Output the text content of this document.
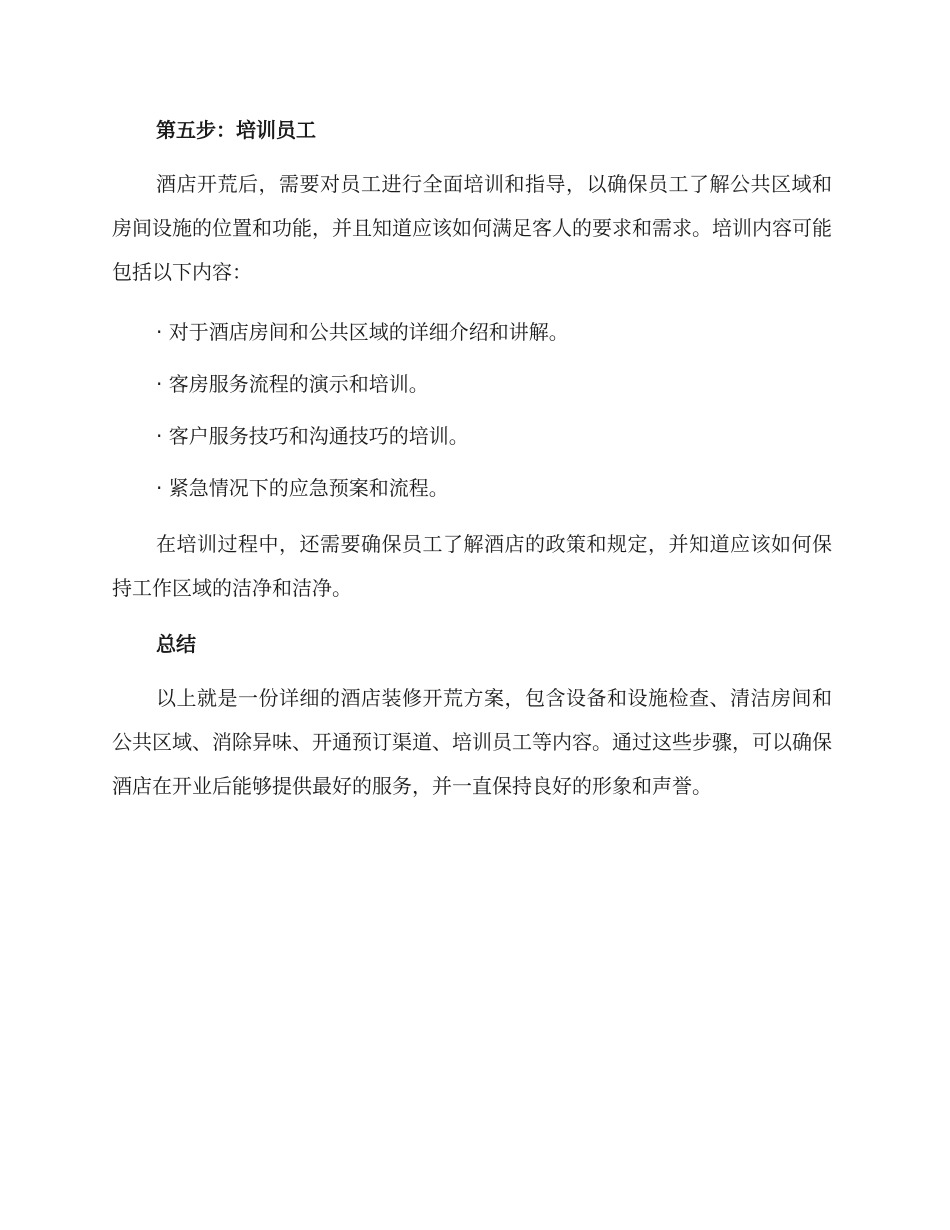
第五步：培训员工

酒店开荒后，需要对员工进行全面培训和指导，以确保员工了解公共区域和房间设施的位置和功能，并且知道应该如何满足客人的要求和需求。培训内容可能包括以下内容：

· 对于酒店房间和公共区域的详细介绍和讲解。

· 客房服务流程的演示和培训。

· 客户服务技巧和沟通技巧的培训。

· 紧急情况下的应急预案和流程。

在培训过程中，还需要确保员工了解酒店的政策和规定，并知道应该如何保持工作区域的洁净和洁净。

总结

以上就是一份详细的酒店装修开荒方案，包含设备和设施检查、清洁房间和公共区域、消除异味、开通预订渠道、培训员工等内容。通过这些步骤，可以确保酒店在开业后能够提供最好的服务，并一直保持良好的形象和声誉。
